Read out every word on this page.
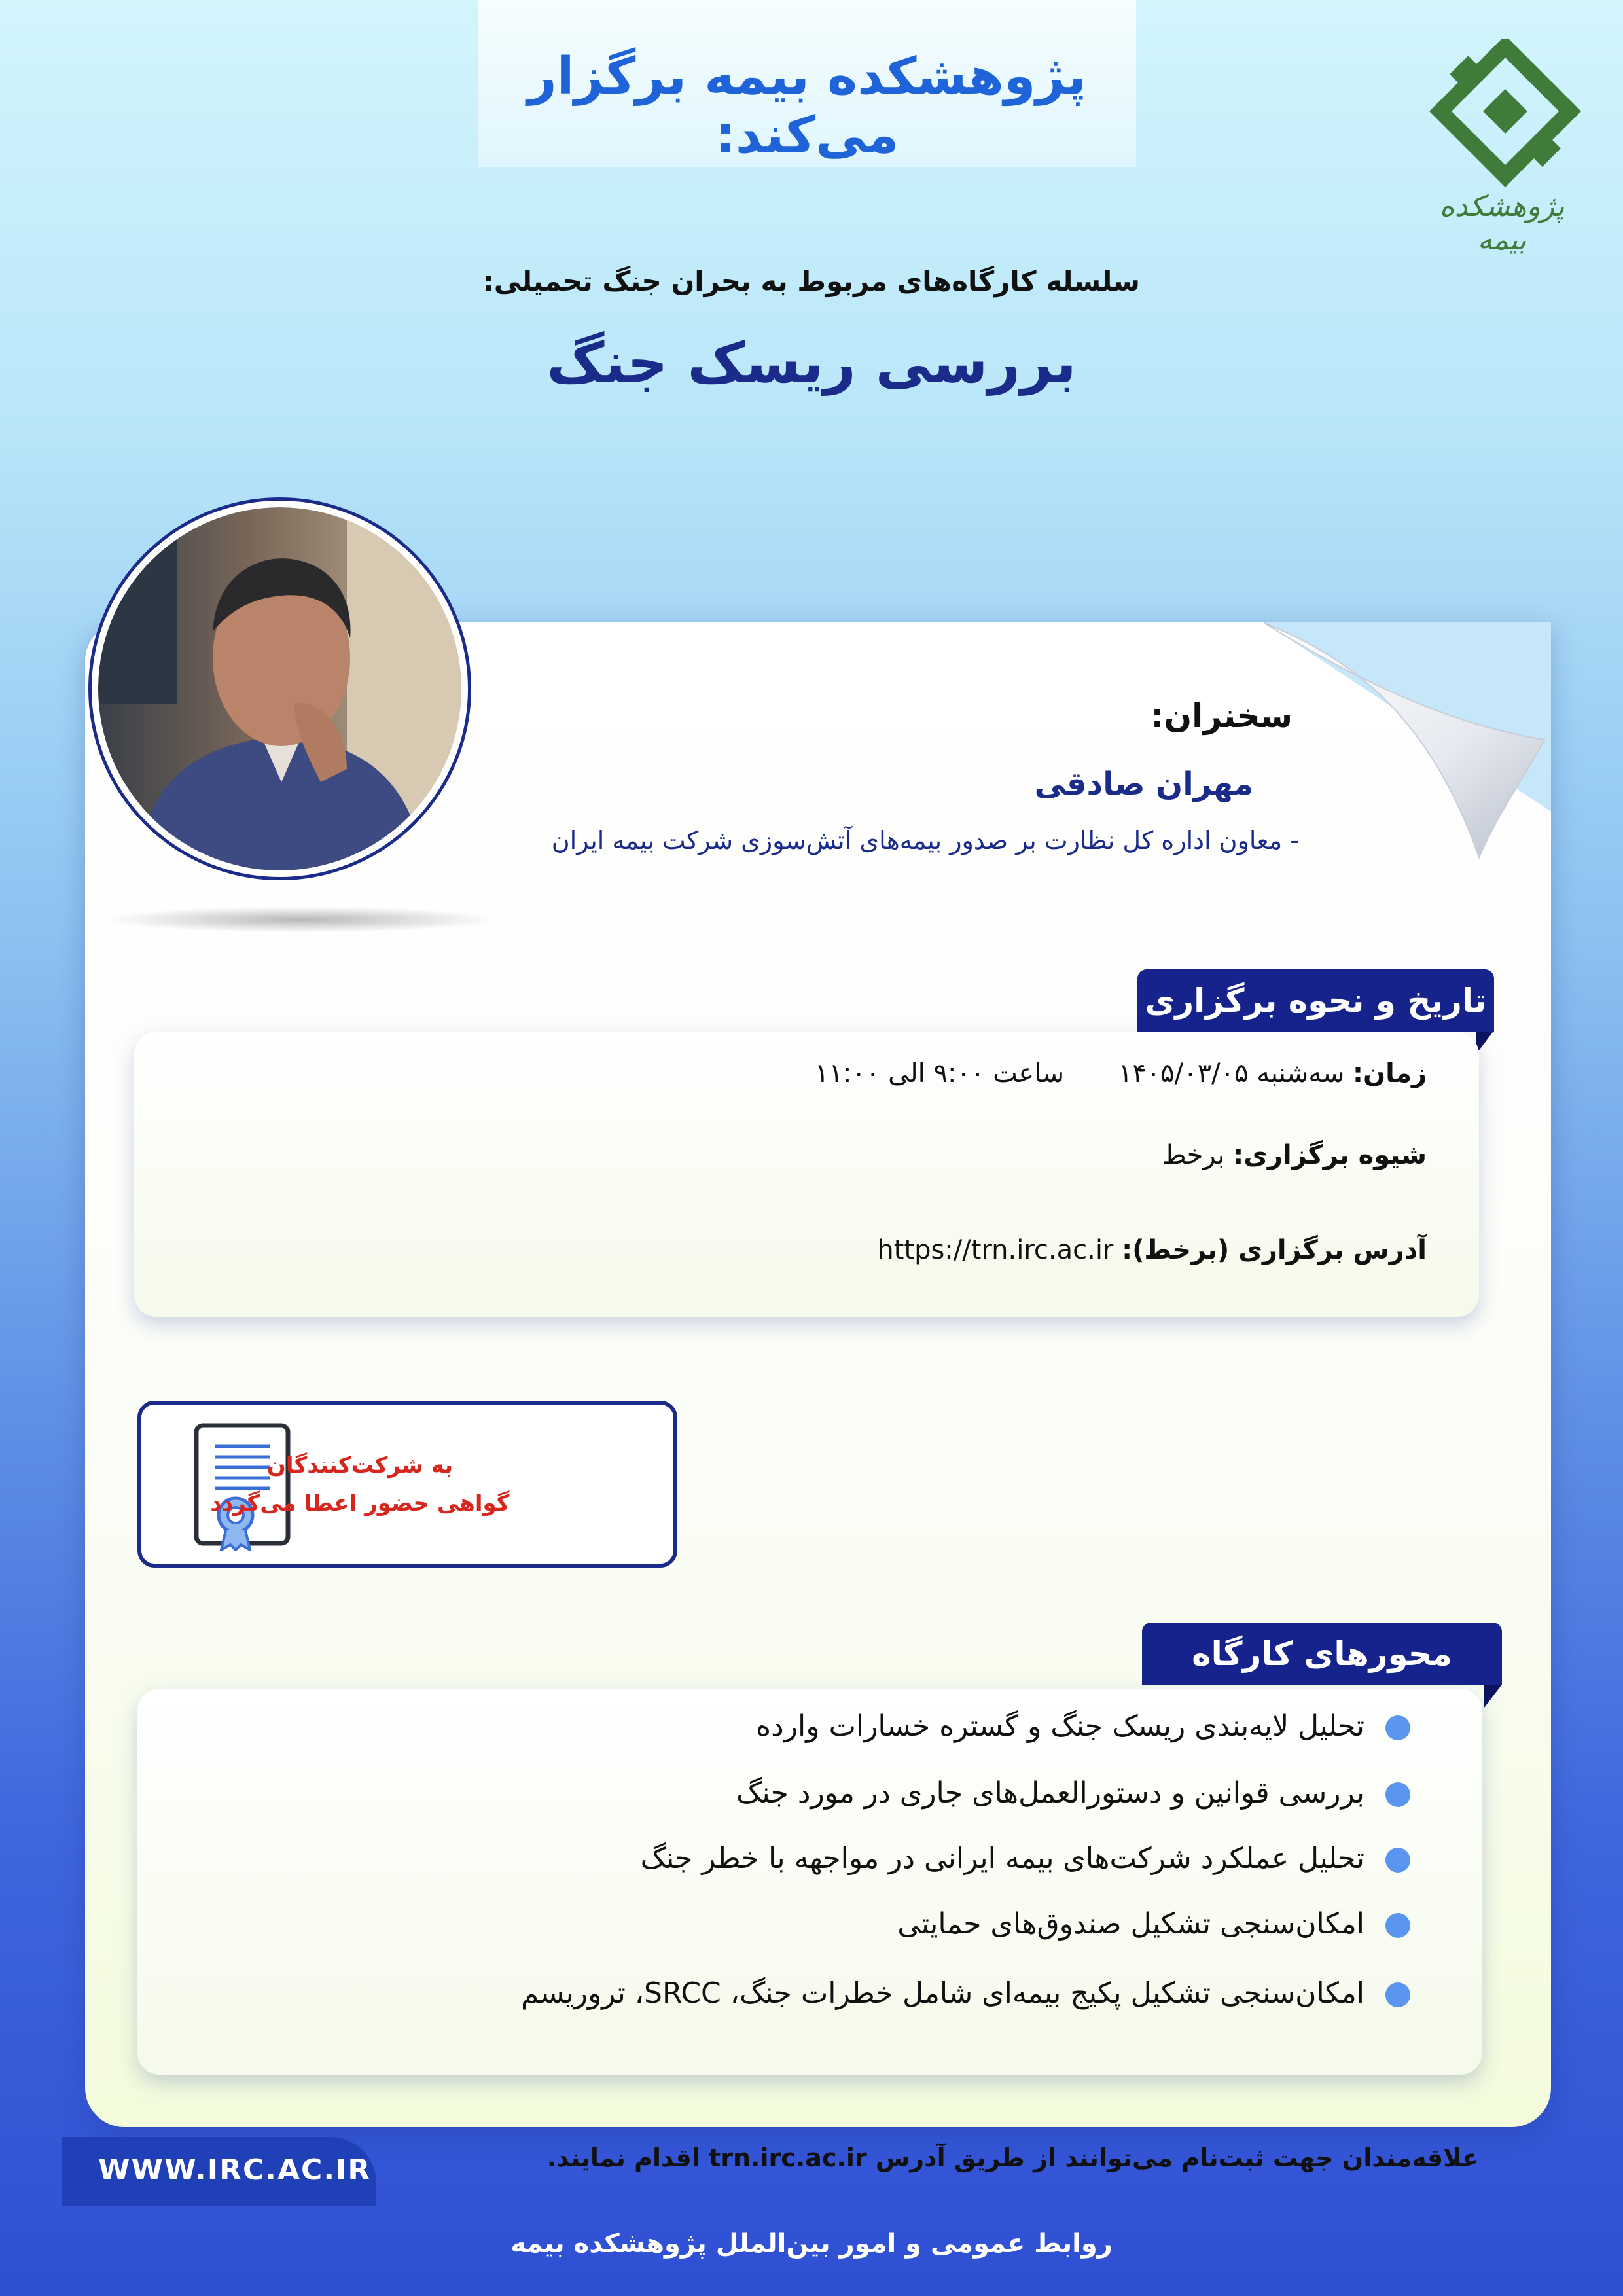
پژوهشکده بیمه برگزار می‌کند:
پژوهشکده بیمه
سلسله کارگاه‌های مربوط به بحران جنگ تحمیلی:
بررسی ریسک جنگ
سخنران:
مهران صادقی
- معاون اداره کل نظارت بر صدور بیمه‌های آتش‌سوزی شرکت بیمه ایران
تاریخ و نحوه برگزاری
زمان: سه‌شنبه ۱۴۰۵/۰۳/۰۵ ساعت ۹:۰۰ الی ۱۱:۰۰
شیوه برگزاری: برخط
آدرس برگزاری (برخط): https://trn.irc.ac.ir
به شرکت‌کنندگان
گواهی حضور اعطا می‌گردد
محورهای کارگاه
تحلیل لایه‌بندی ریسک جنگ و گستره خسارات وارده
بررسی قوانین و دستورالعمل‌های جاری در مورد جنگ
تحلیل عملکرد شرکت‌های بیمه ایرانی در مواجهه با خطر جنگ
امکان‌سنجی تشکیل صندوق‌های حمایتی
امکان‌سنجی تشکیل پکیج بیمه‌ای شامل خطرات جنگ، SRCC، تروریسم
علاقه‌مندان جهت ثبت‌نام می‌توانند از طریق آدرس trn.irc.ac.ir اقدام نمایند.
WWW.IRC.AC.IR
روابط عمومی و امور بین‌الملل پژوهشکده بیمه
